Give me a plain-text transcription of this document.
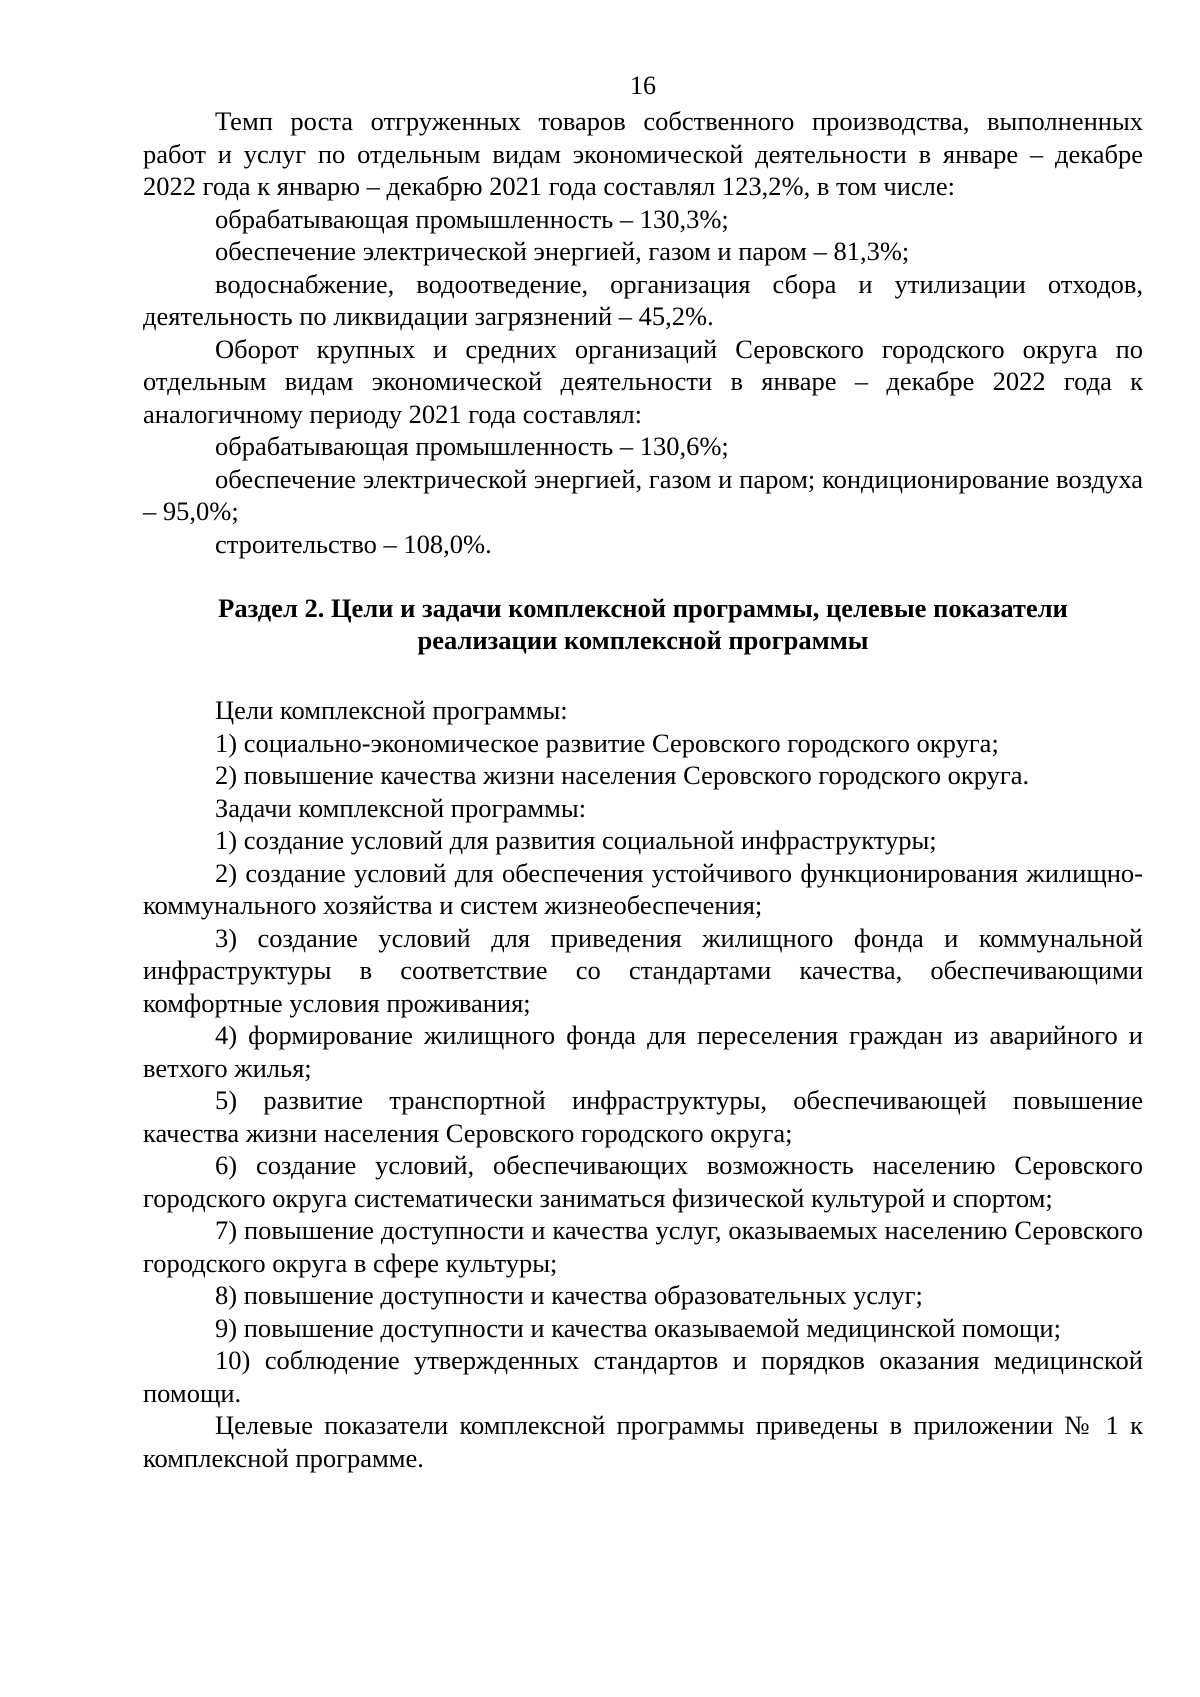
16

Темп роста отгруженных товаров собственного производства, выполненных работ и услуг по отдельным видам экономической деятельности в январе – декабре 2022 года к январю – декабрю 2021 года составлял 123,2%, в том числе:

обрабатывающая промышленность – 130,3%;

обеспечение электрической энергией, газом и паром – 81,3%;

водоснабжение, водоотведение, организация сбора и утилизации отходов, деятельность по ликвидации загрязнений – 45,2%.

Оборот крупных и средних организаций Серовского городского округа по отдельным видам экономической деятельности в январе – декабре 2022 года к аналогичному периоду 2021 года составлял:

обрабатывающая промышленность – 130,6%;

обеспечение электрической энергией, газом и паром; кондиционирование воздуха – 95,0%;

строительство – 108,0%.

Раздел 2. Цели и задачи комплексной программы, целевые показатели
реализации комплексной программы

Цели комплексной программы:

1) социально-экономическое развитие Серовского городского округа;

2) повышение качества жизни населения Серовского городского округа.

Задачи комплексной программы:

1) создание условий для развития социальной инфраструктуры;

2) создание условий для обеспечения устойчивого функционирования жилищно-коммунального хозяйства и систем жизнеобеспечения;

3) создание условий для приведения жилищного фонда и коммунальной инфраструктуры в соответствие со стандартами качества, обеспечивающими комфортные условия проживания;

4) формирование жилищного фонда для переселения граждан из аварийного и ветхого жилья;

5) развитие транспортной инфраструктуры, обеспечивающей повышение качества жизни населения Серовского городского округа;

6) создание условий, обеспечивающих возможность населению Серовского городского округа систематически заниматься физической культурой и спортом;

7) повышение доступности и качества услуг, оказываемых населению Серовского городского округа в сфере культуры;

8) повышение доступности и качества образовательных услуг;

9) повышение доступности и качества оказываемой медицинской помощи;

10) соблюдение утвержденных стандартов и порядков оказания медицинской помощи.

Целевые показатели комплексной программы приведены в приложении № 1 к комплексной программе.
